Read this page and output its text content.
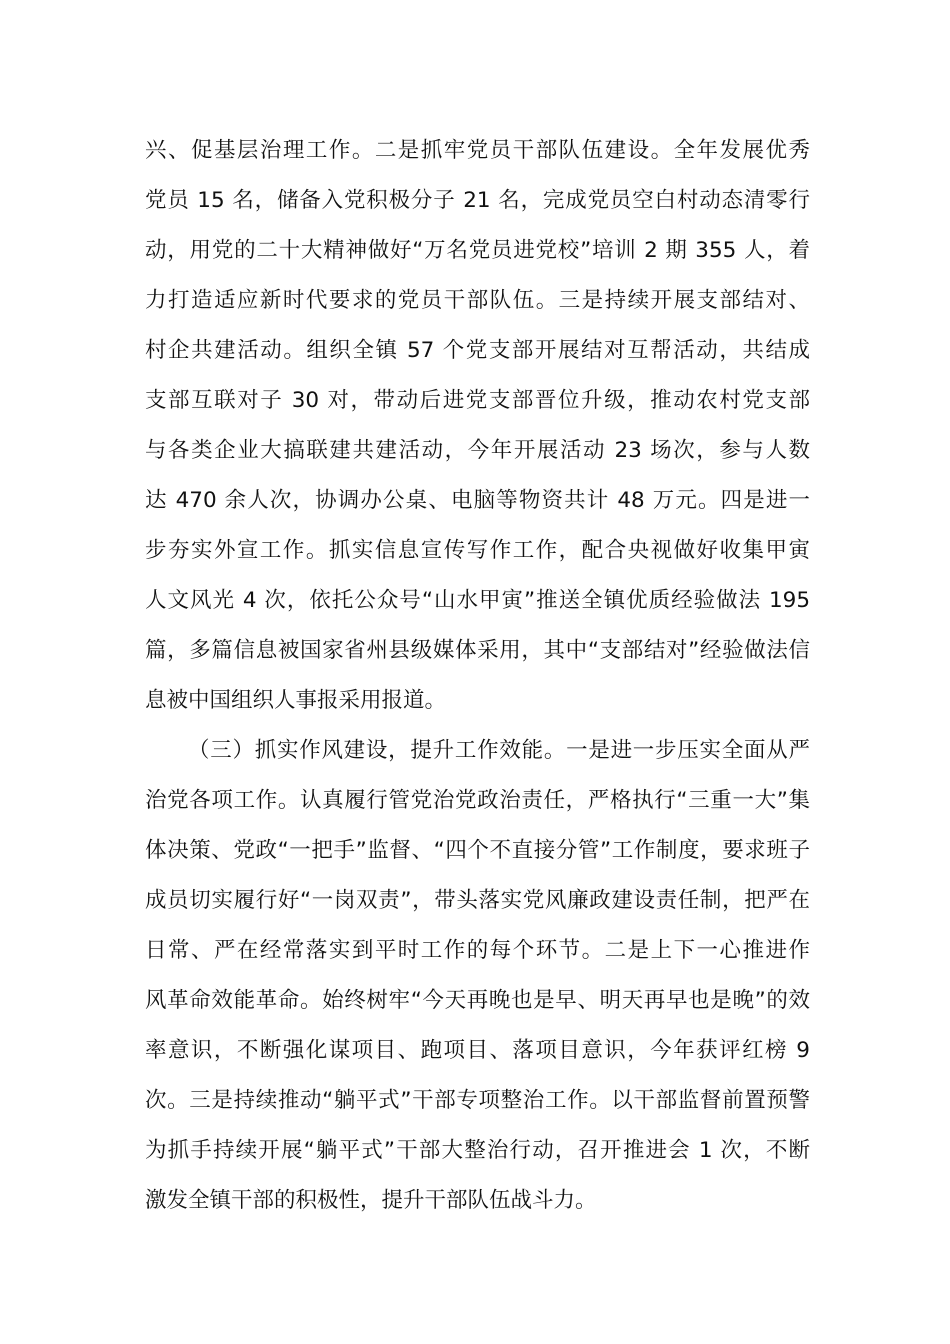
兴、促基层治理工作。二是抓牢党员干部队伍建设。全年发展优秀
党员 15 名，储备入党积极分子 21 名，完成党员空白村动态清零行
动，用党的二十大精神做好“万名党员进党校”培训 2 期 355 人，着
力打造适应新时代要求的党员干部队伍。三是持续开展支部结对、
村企共建活动。组织全镇 57 个党支部开展结对互帮活动，共结成
支部互联对子 30 对，带动后进党支部晋位升级，推动农村党支部
与各类企业大搞联建共建活动，今年开展活动 23 场次，参与人数
达 470 余人次，协调办公桌、电脑等物资共计 48 万元。四是进一
步夯实外宣工作。抓实信息宣传写作工作，配合央视做好收集甲寅
人文风光 4 次，依托公众号“山水甲寅”推送全镇优质经验做法 195
篇，多篇信息被国家省州县级媒体采用，其中“支部结对”经验做法信
息被中国组织人事报采用报道。
（三）抓实作风建设，提升工作效能。一是进一步压实全面从严
治党各项工作。认真履行管党治党政治责任，严格执行“三重一大”集
体决策、党政“一把手”监督、“四个不直接分管”工作制度，要求班子
成员切实履行好“一岗双责”，带头落实党风廉政建设责任制，把严在
日常、严在经常落实到平时工作的每个环节。二是上下一心推进作
风革命效能革命。始终树牢“今天再晚也是早、明天再早也是晚”的效
率意识，不断强化谋项目、跑项目、落项目意识，今年获评红榜 9
次。三是持续推动“躺平式”干部专项整治工作。以干部监督前置预警
为抓手持续开展“躺平式”干部大整治行动，召开推进会 1 次，不断
激发全镇干部的积极性，提升干部队伍战斗力。
